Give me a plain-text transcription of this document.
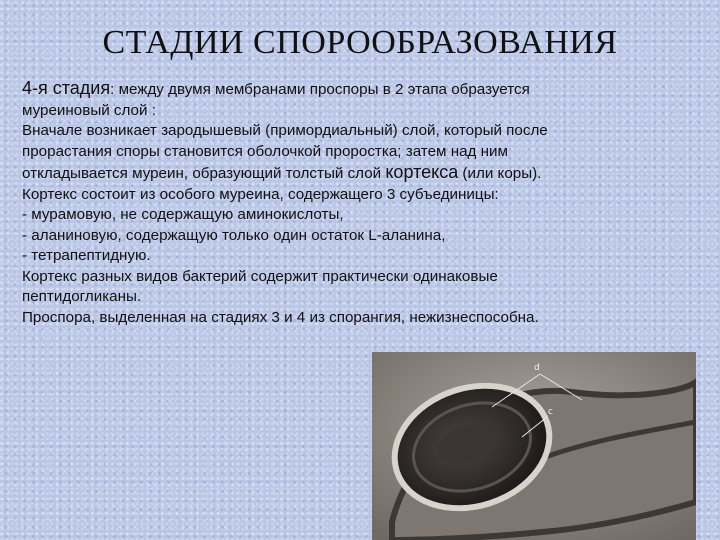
СТАДИИ СПОРООБРАЗОВАНИЯ
4-я стадия: между двумя мембранами проспоры в 2 этапа образуется
муреиновый слой :
Вначале возникает зародышевый (примордиальный) слой, который после
прорастания споры становится оболочкой проростка; затем над ним
откладывается муреин, образующий толстый слой кортекса (или коры).
Кортекс состоит из особого муреина, содержащего 3 субъединицы:
- мурамовую, не содержащую аминокислоты,
- аланиновую, содержащую только один остаток L-аланина,
- тетрапептидную.
Кортекс разных видов бактерий содержит практически одинаковые
пептидогликаны.
Проспора, выделенная на стадиях 3 и 4 из спорангия, нежизнеспособна.
d
c
